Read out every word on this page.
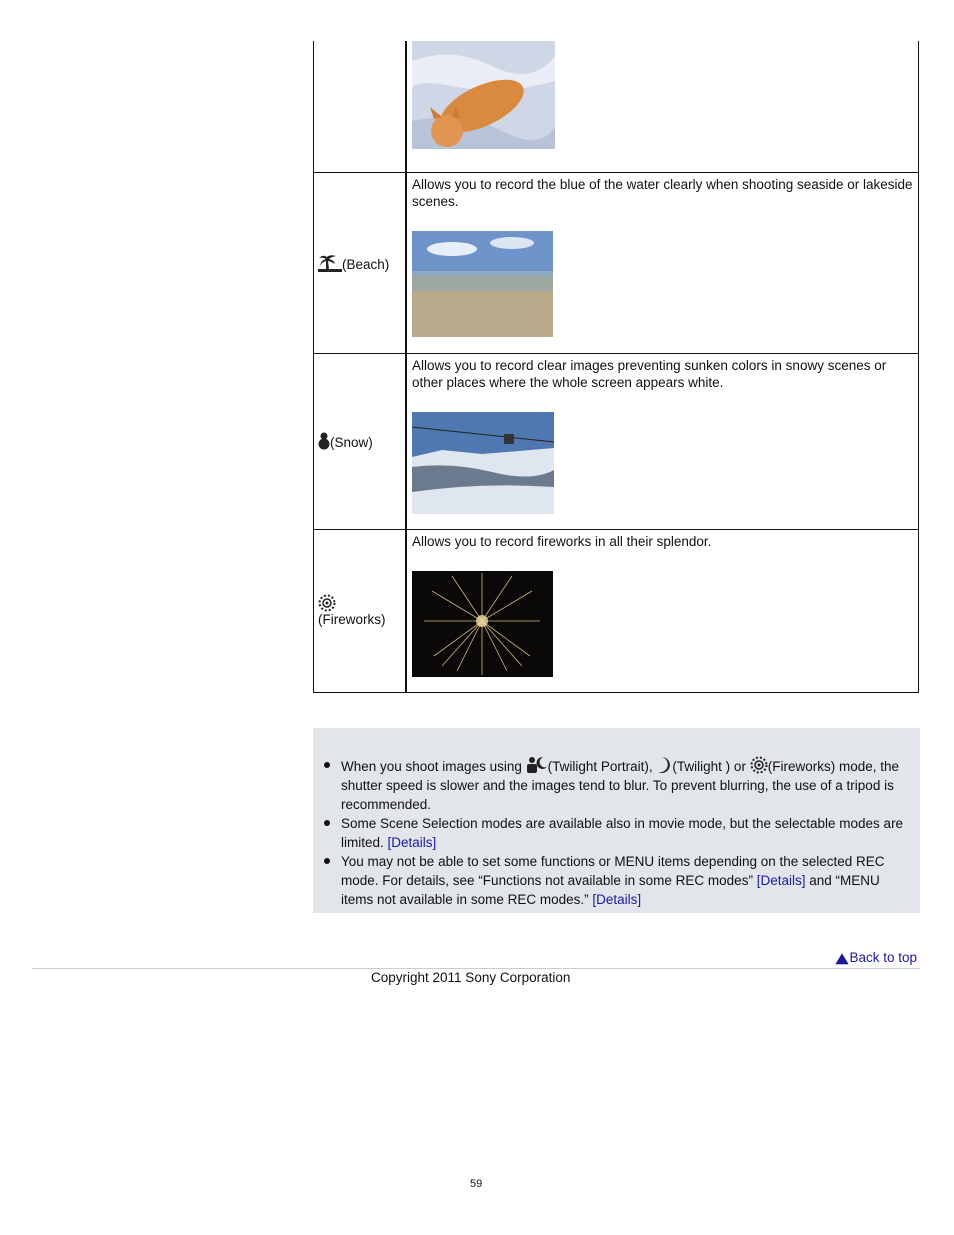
(Beach)	Allows you to record the blue of the water clearly when shooting seaside or lakeside scenes.

(Snow)	Allows you to record clear images preventing sunken colors in snowy scenes or other places where the whole screen appears white.

(Fireworks)	Allows you to record fireworks in all their splendor.
When you shoot images using (Twilight Portrait), (Twilight ) or (Fireworks) mode, the shutter speed is slower and the images tend to blur. To prevent blurring, the use of a tripod is recommended.
Some Scene Selection modes are available also in movie mode, but the selectable modes are limited. [Details]
You may not be able to set some functions or MENU items depending on the selected REC mode. For details, see “Functions not available in some REC modes” [Details] and “MENU items not available in some REC modes.” [Details]
Back to top
Copyright 2011 Sony Corporation
59
